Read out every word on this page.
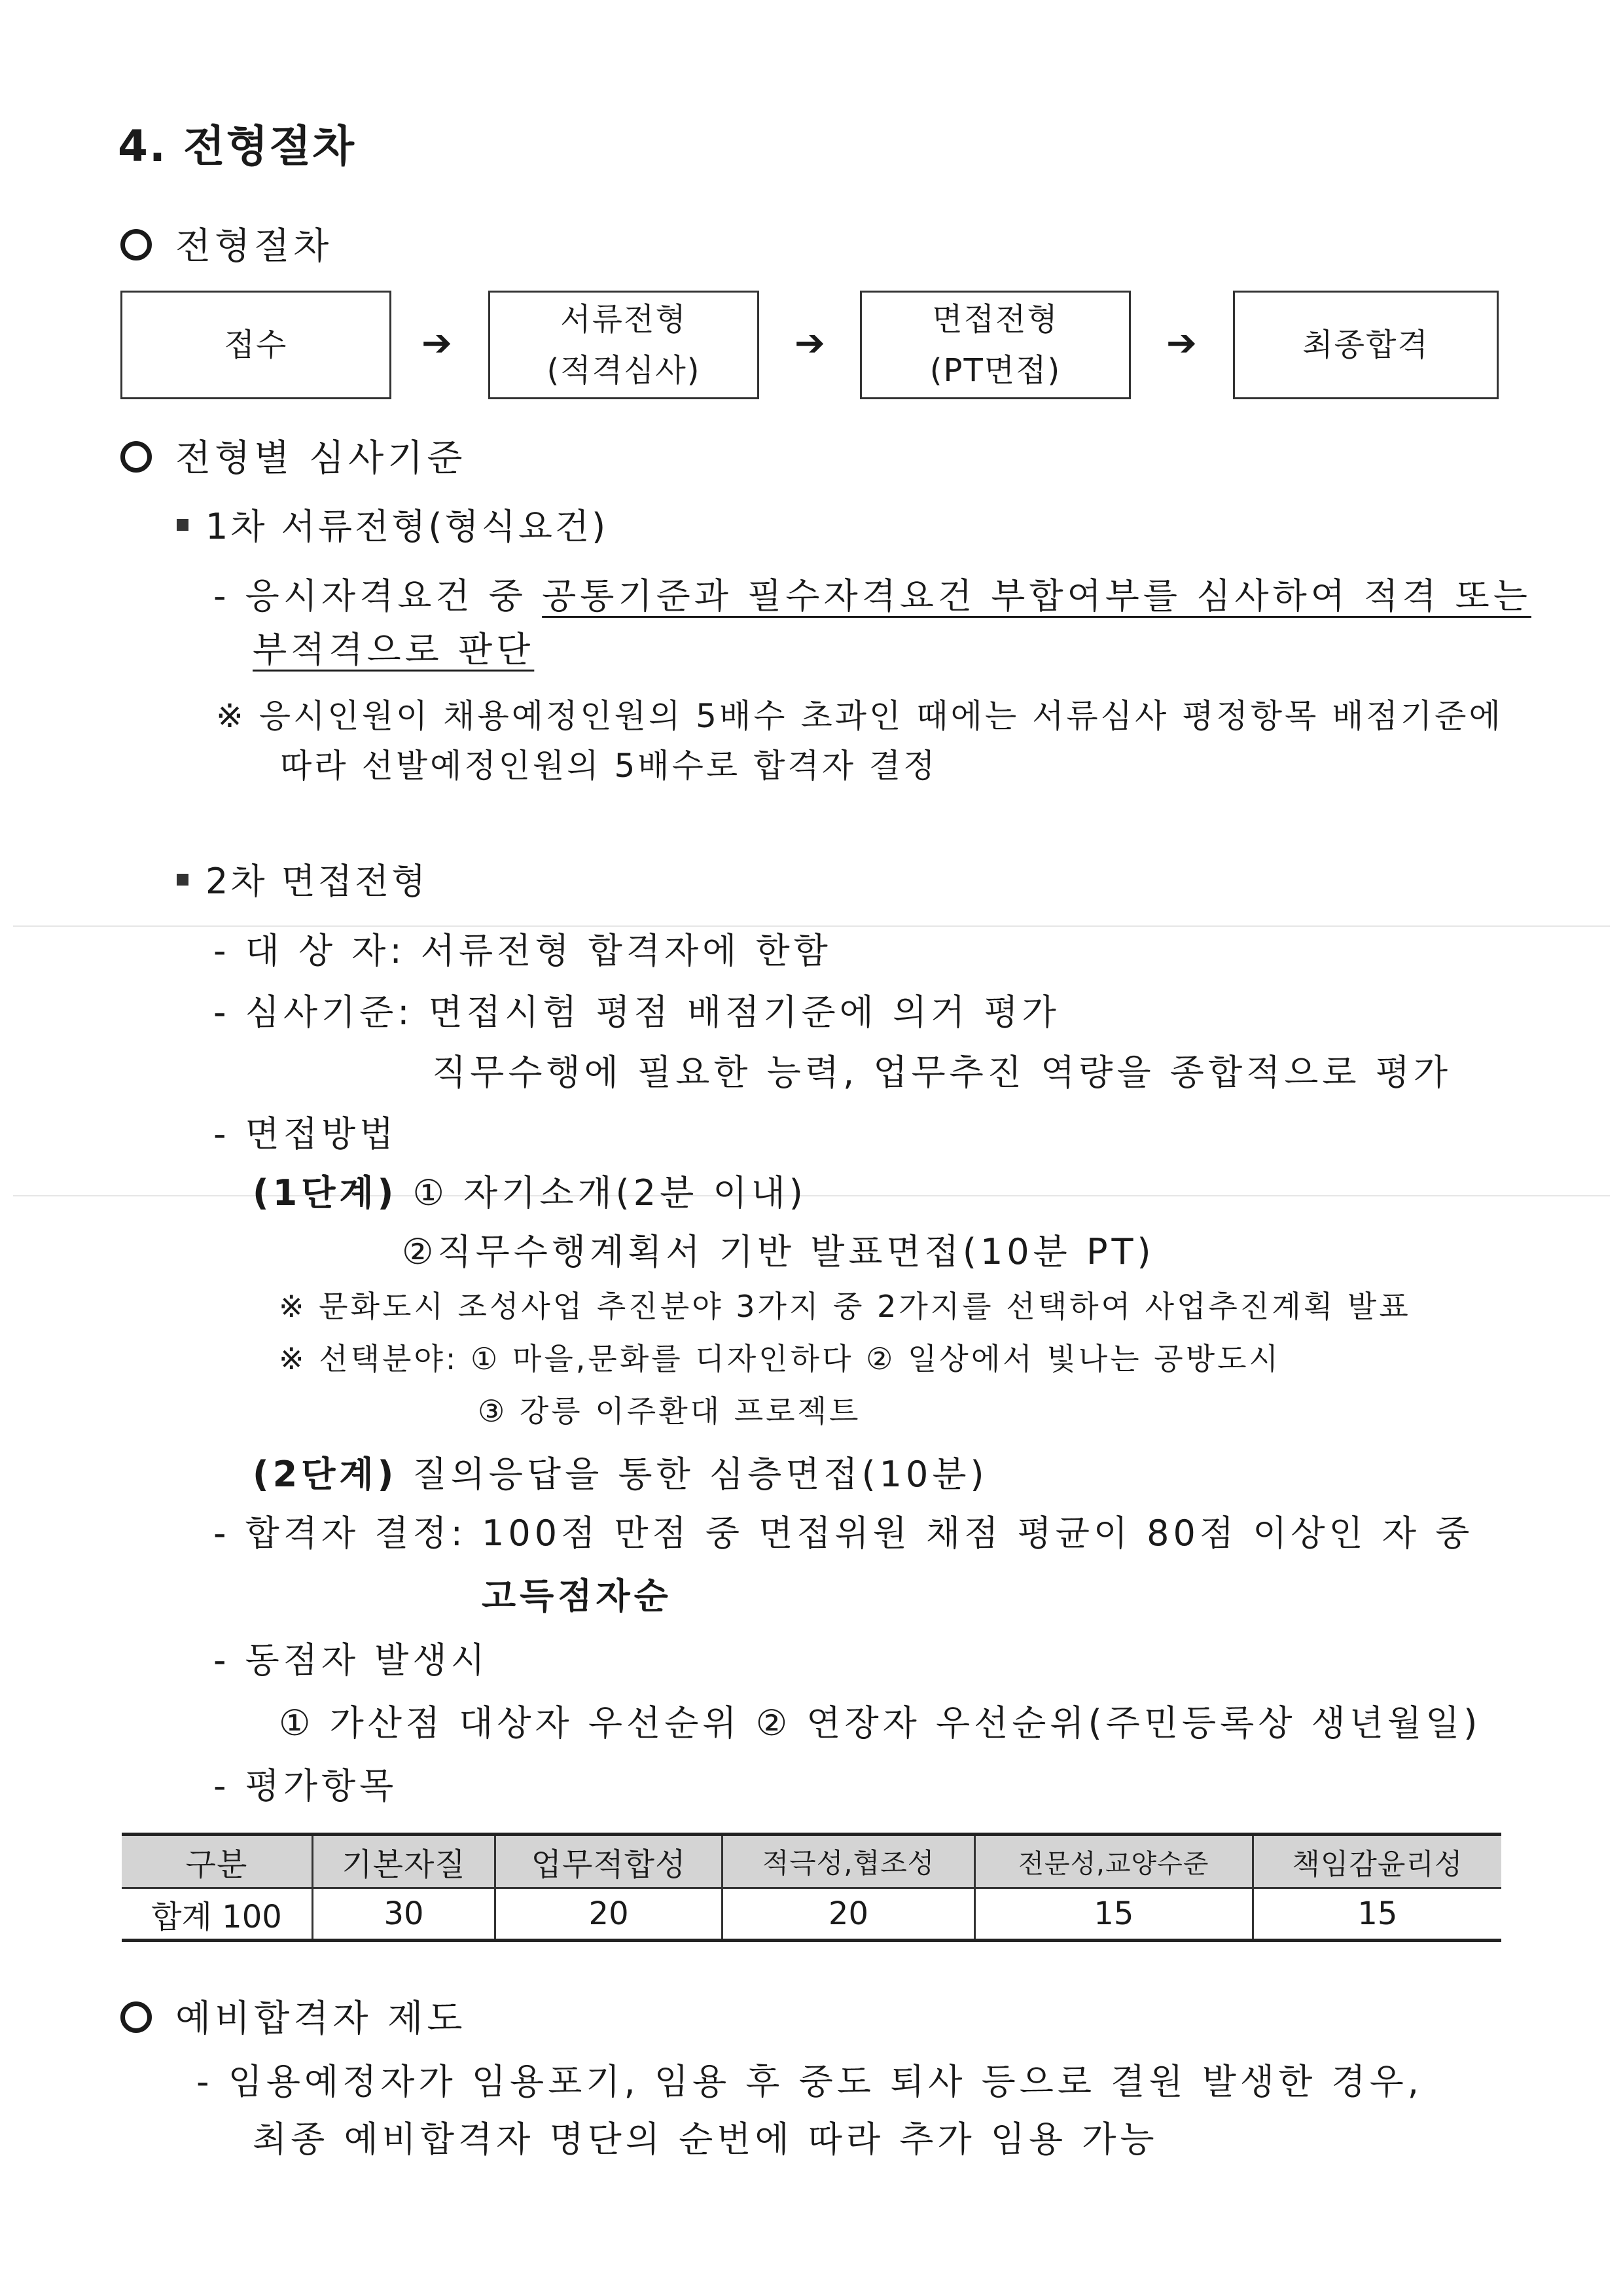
4. 전형절차
전형절차
접수	➔
서류전형
(적격심사)
➔
면접전형
(PT면접)
➔	최종합격
전형별 심사기준
1차 서류전형(형식요건)
- 응시자격요건 중 공통기준과 필수자격요건 부합여부를 심사하여 적격 또는
부적격으로 판단
※ 응시인원이 채용예정인원의 5배수 초과인 때에는 서류심사 평정항목 배점기준에
따라 선발예정인원의 5배수로 합격자 결정
2차 면접전형
- 대 상 자: 서류전형 합격자에 한함
- 심사기준: 면접시험 평점 배점기준에 의거 평가
직무수행에 필요한 능력, 업무추진 역량을 종합적으로 평가
- 면접방법
(1단계) ① 자기소개(2분 이내)
②직무수행계획서 기반 발표면접(10분 PT)
※ 문화도시 조성사업 추진분야 3가지 중 2가지를 선택하여 사업추진계획 발표
※ 선택분야: ① 마을,문화를 디자인하다 ② 일상에서 빛나는 공방도시
③ 강릉 이주환대 프로젝트
(2단계) 질의응답을 통한 심층면접(10분)
- 합격자 결정: 100점 만점 중 면접위원 채점 평균이 80점 이상인 자 중
고득점자순
- 동점자 발생시
① 가산점 대상자 우선순위 ② 연장자 우선순위(주민등록상 생년월일)
- 평가항목
구분	기본자질	업무적합성	적극성,협조성	전문성,교양수준	책임감윤리성
합계 100	30	20	20	15	15
예비합격자 제도
- 임용예정자가 임용포기, 임용 후 중도 퇴사 등으로 결원 발생한 경우,
최종 예비합격자 명단의 순번에 따라 추가 임용 가능
